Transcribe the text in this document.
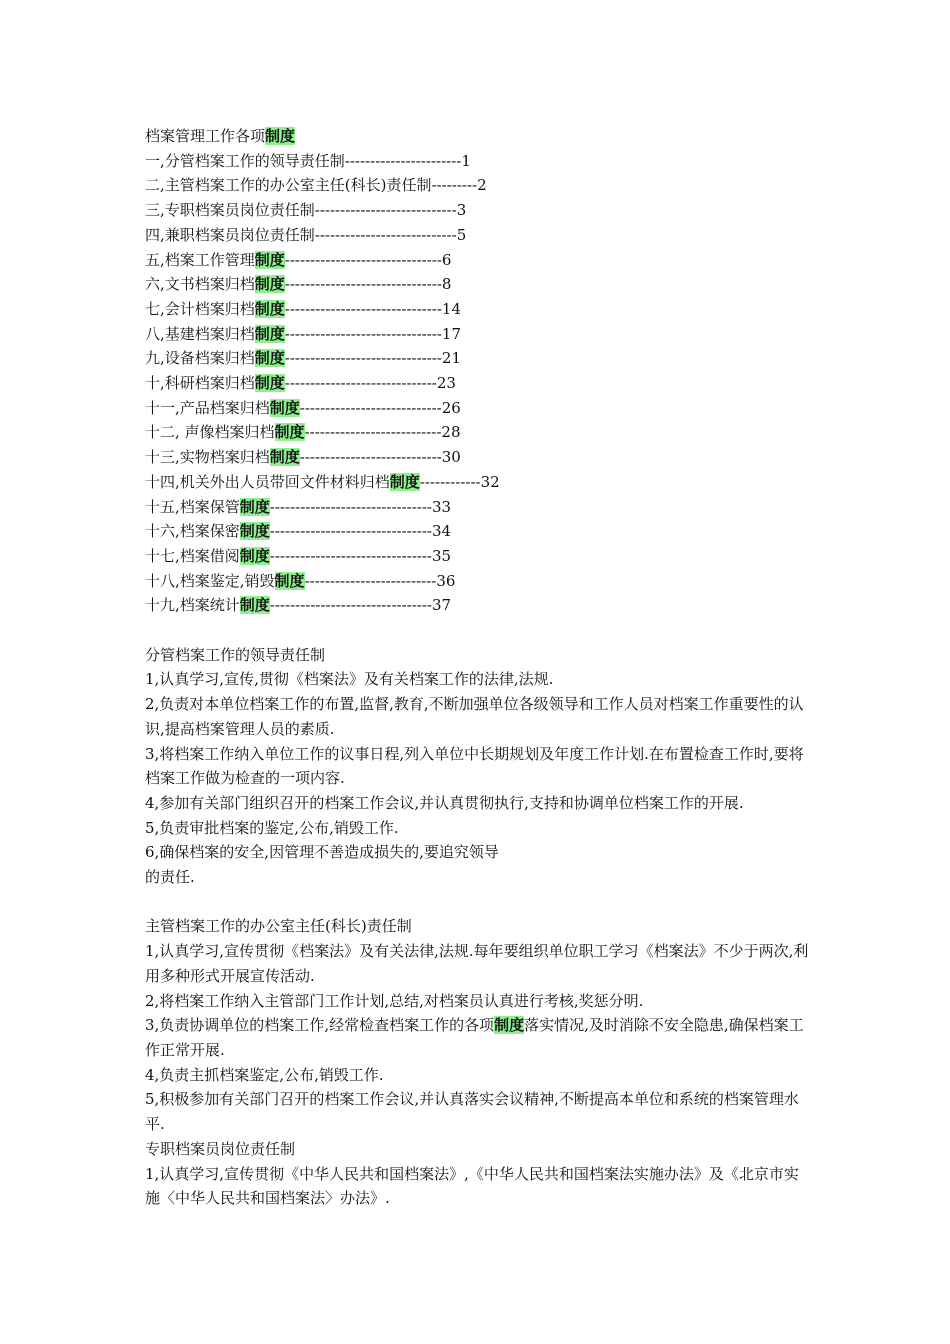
档案管理工作各项制度
一,分管档案工作的领导责任制-----------------------1
二,主管档案工作的办公室主任(科长)责任制---------2
三,专职档案员岗位责任制----------------------------3
四,兼职档案员岗位责任制----------------------------5
五,档案工作管理制度-------------------------------6
六,文书档案归档制度-------------------------------8
七,会计档案归档制度-------------------------------14
八,基建档案归档制度-------------------------------17
九,设备档案归档制度-------------------------------21
十,科研档案归档制度------------------------------23
十一,产品档案归档制度----------------------------26
十二, 声像档案归档制度---------------------------28
十三,实物档案归档制度----------------------------30
十四,机关外出人员带回文件材料归档制度------------32
十五,档案保管制度--------------------------------33
十六,档案保密制度--------------------------------34
十七,档案借阅制度--------------------------------35
十八,档案鉴定,销毁制度--------------------------36
十九,档案统计制度--------------------------------37
分管档案工作的领导责任制
1,认真学习,宣传,贯彻《档案法》及有关档案工作的法律,法规.
2,负责对本单位档案工作的布置,监督,教育,不断加强单位各级领导和工作人员对档案工作重要性的认识,提高档案管理人员的素质.
3,将档案工作纳入单位工作的议事日程,列入单位中长期规划及年度工作计划.在布置检查工作时,要将档案工作做为检查的一项内容.
4,参加有关部门组织召开的档案工作会议,并认真贯彻执行,支持和协调单位档案工作的开展.
5,负责审批档案的鉴定,公布,销毁工作.
6,确保档案的安全,因管理不善造成损失的,要追究领导
的责任.
主管档案工作的办公室主任(科长)责任制
1,认真学习,宣传贯彻《档案法》及有关法律,法规.每年要组织单位职工学习《档案法》不少于两次,利用多种形式开展宣传活动.
2,将档案工作纳入主管部门工作计划,总结,对档案员认真进行考核,奖惩分明.
3,负责协调单位的档案工作,经常检查档案工作的各项制度落实情况,及时消除不安全隐患,确保档案工作正常开展.
4,负责主抓档案鉴定,公布,销毁工作.
5,积极参加有关部门召开的档案工作会议,并认真落实会议精神,不断提高本单位和系统的档案管理水平.
专职档案员岗位责任制
1,认真学习,宣传贯彻《中华人民共和国档案法》,《中华人民共和国档案法实施办法》及《北京市实施〈中华人民共和国档案法〉办法》.
